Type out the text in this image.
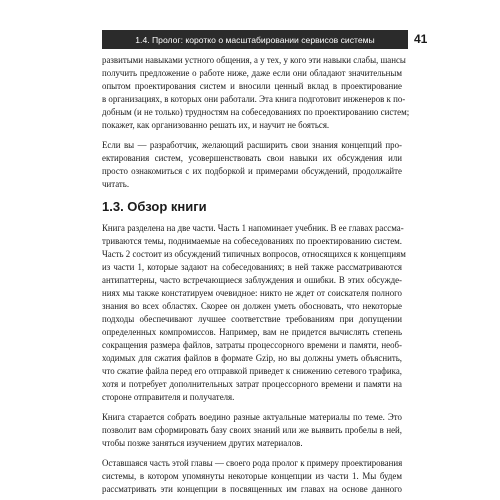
1.4. Пролог: коротко о масштабировании сервисов системы	41
развитыми навыками устного общения, а у тех, у кого эти навыки слабы, шансы
получить предложение о работе ниже, даже если они обладают значительным
опытом проектирования систем и вносили ценный вклад в проектирование
в организациях, в которых они работали. Эта книга подготовит инженеров к по-
добным (и не только) трудностям на собеседованиях по проектированию систем;
покажет, как организованно решать их, и научит не бояться.
Если вы — разработчик, желающий расширить свои знания концепций про-
ектирования систем, усовершенствовать свои навыки их обсуждения или
просто ознакомиться с их подборкой и примерами обсуждений, продолжайте
читать.
1.3. Обзор книги
Книга разделена на две части. Часть 1 напоминает учебник. В ее главах рассма-
триваются темы, поднимаемые на собеседованиях по проектированию систем.
Часть 2 состоит из обсуждений типичных вопросов, относящихся к концепциям
из части 1, которые задают на собеседованиях; в ней также рассматриваются
антипаттерны, часто встречающиеся заблуждения и ошибки. В этих обсужде-
ниях мы также констатируем очевидное: никто не ждет от соискателя полного
знания во всех областях. Скорее он должен уметь обосновать, что некоторые
подходы обеспечивают лучшее соответствие требованиям при допущении
определенных компромиссов. Например, вам не придется вычислять степень
сокращения размера файлов, затраты процессорного времени и памяти, необ-
ходимых для сжатия файлов в формате Gzip, но вы должны уметь объяснить,
что сжатие файла перед его отправкой приведет к снижению сетевого трафика,
хотя и потребует дополнительных затрат процессорного времени и памяти на
стороне отправителя и получателя.
Книга старается собрать воедино разные актуальные материалы по теме. Это
позволит вам сформировать базу своих знаний или же выявить пробелы в ней,
чтобы позже заняться изучением других материалов.
Оставшаяся часть этой главы — своего рода пролог к примеру проектирования
системы, в котором упомянуты некоторые концепции из части 1. Мы будем
рассматривать эти концепции в посвященных им главах на основе данного
